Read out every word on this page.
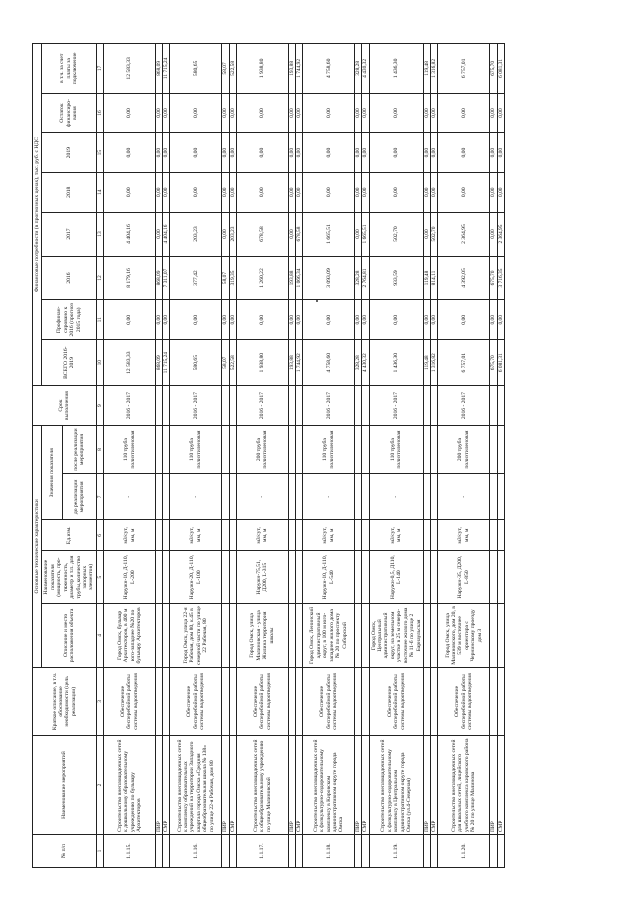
№ п/п	Наименование мероприятий	Краткое описание, в т.ч. обоснование необходимости (цель реализации)	Основные технические характеристики					Срок выполнения	Финансовые потребности (в прогнозных ценах), тыс. руб. с НДС							
			Описание и место расположения объекта	Наименование показателя (мощность, про-тяженность, диаметр и т.п. для трубы,количество запорных элементов)	Ед.изм.	Значения показателя			ВСЕГО 2016-2019	Профинан-сировано к 2016 (прогноз 2015 года)	2016	2017	2018	2019	Остаток финансиро-вания	в т.ч. за счет платы за подключение
						до реализации мероприятия	после реализации мероприятия									
1	2	3	4	5	6	7	8	9	10	11	12	13	14	15	16	17
1.1.15.	Строительство внеплощадочных сетей к дошкольному образовательному учреждению по бульвару Архитекторов	Обеспечение бесперебойной работы системы водоотведения	Город Омск, бульвар Архитекторов, в 400 м юго-западнее №20 по бульвару Архитекторов	Наружн-10, Д-110, L-200	м3/сут, мм, м	-	110 труба полиэтиленовая	2016 - 2017	12 583,33	0,00	8 179,16	4 404,16	0,00	0,00	0,00	12 583,33
	ПИР								868,09	0,00	868,09	0,00	0,00	0,00	0,00	868,09
	СМР								11 715,24	0,00	7 311,07	4 404,16	0,00	0,00	0,00	11 715,24
1.1.16.	Строительство внеплощадочных сетей к комплексу образовательных учреждений на территории Западного квартала города Омска «Средняя общеобразовательная школа № 138» по улице 22-я Рабочая, дом 80	Обеспечение бесперебойной работы системы водоотведения	Город Омск, улица 22-я Рабочая, дом 80, к.45 в северной части по улице 22 Рабочая, 80	Наружн-20, Д-110, L-100	м3/сут, мм, м	-	110 труба полиэтиленовая	2016 - 2017	580,65	0,00	377,42	203,23	0,00	0,00	0,00	580,65
	ПИР								58,07	0,00	58,07	0,00	0,00	0,00	0,00	58,07
	СМР								522,58	0,00	319,35	203,23	0,00	0,00	0,00	522,58
1.1.17.	Строительство внеплощадочных сетей к общеобразовательному учреждению по улице Малиновской	Обеспечение бесперебойной работы системы водоотведения	Город Омск, улица Малиновская - улица Жилина территория школы	Наружн-75,51, Д200, L-315	м3/сут, мм, м	-	200 труба полиэтиленовая	2016 - 2017	1 938,80	0,00	1 260,22	678,58	0,00	0,00	0,00	1 938,80
	ПИР								193,88	0,00	193,88	0,00	0,00	0,00	0,00	193,88
	СМР								1 744,92	0,00	1 066,34	678,58	0,00	0,00	0,00	1 744,92
1.1.18.	Строительство внеплощадочных сетей к физкультурно-оздоровительному комплексу в Кировском административном округе города Омска	Обеспечение бесперебойной работы системы водоотведения	Город Омск, Ленинский административный округ, в 100 м юго-западнее жилого дома № 20 по проспекту Сибирский	Наружн-10, Д-110, L-540	м3/сут, мм, м	-	110 труба полиэтиленовая	2016 - 2017	4 758,60	0,00	3 093,09	1 665,51	0,00	0,00	0,00	4 758,60
	ПИР								328,28	0,00	328,28	0,00	0,00	0,00	0,00	328,28
	СМР								4 430,32	0,00	2 764,81	1 665,51	0,00	0,00	0,00	4 430,32
1.1.19.	Строительство внеплощадочных сетей к физкультурно-оздоровительному комплексу в Центральном административном округе города Омска (ул.4-Северная)	Обеспечение бесперебойной работы системы водоотведения	Город Омск, Центральный административный округ, на земельном участке в 25 м северо-восточнее жилого дома № 11-б по улице 2 Барнаульская	Наружн-0,5, Д110, L-140	м3/сут, мм, м	-	110 труба полиэтиленовая	2016 - 2017	1 436,30	0,00	933,59	502,70	0,00	0,00	0,00	1 436,30
	ПИР								119,48	0,00	119,48	0,00	0,00	0,00	0,00	119,48
	СМР								1 316,82	0,00	814,11	502,70	0,00	0,00	0,00	1 316,82
1.1.20.	Строительство внеплощадочных сетей для школьных сетей, лицейского учебного комплекса кировского района № 20 по улице Малинова	Обеспечение бесперебойной работы системы водоотведения	Город Омск, улица Малиновского, дом 20, в 539 м восточнее ориентира с Чернинскому проезду дом 3	Наружн-35, Д200, L-850	м3/сут, мм, м	-	200 труба полиэтиленовая	2016 - 2017	6 757,01	0,00	4 392,05	2 364,95	0,00	0,00	0,00	6 757,01
	ПИР								675,70	0,00	675,70	0,00	0,00	0,00	0,00	675,70
	СМР								6 081,31	0,00	3 716,35	2 364,95	0,00	0,00	0,00	6 081,31
